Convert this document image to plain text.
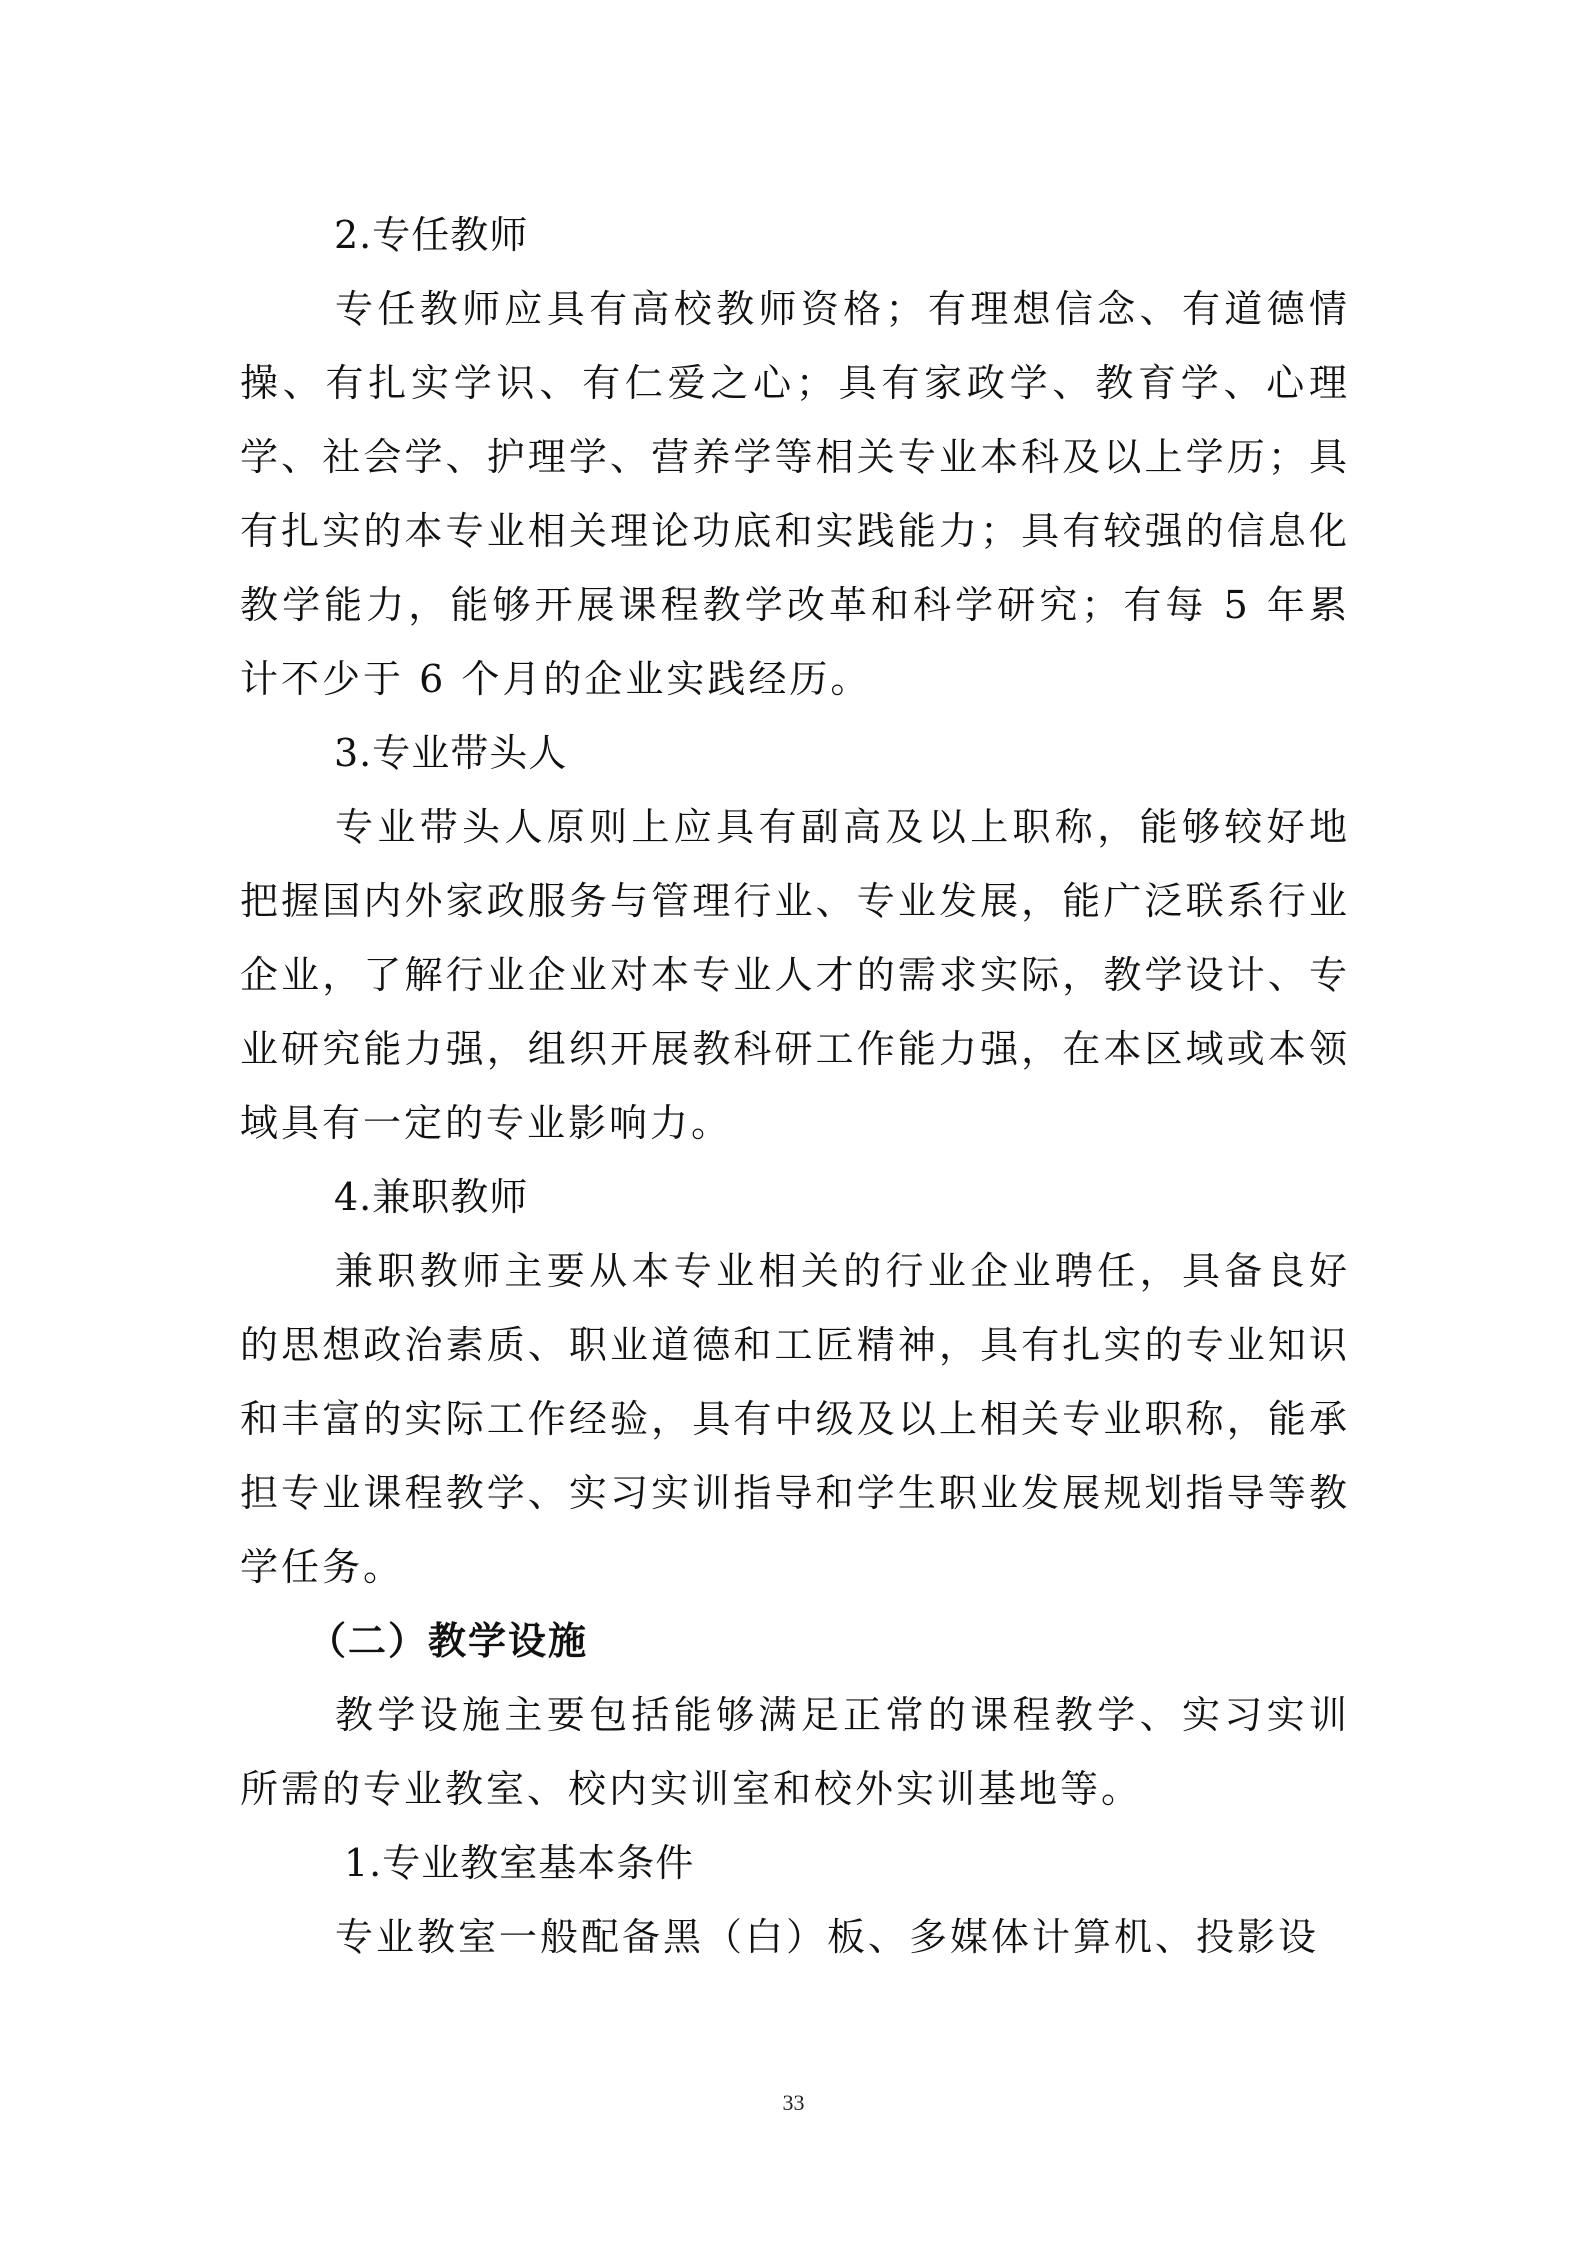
2.专任教师
专任教师应具有高校教师资格；有理想信念、有道德情操、有扎实学识、有仁爱之心；具有家政学、教育学、心理学、社会学、护理学、营养学等相关专业本科及以上学历；具有扎实的本专业相关理论功底和实践能力；具有较强的信息化教学能力，能够开展课程教学改革和科学研究；有每 5 年累计不少于 6 个月的企业实践经历。
3.专业带头人
专业带头人原则上应具有副高及以上职称，能够较好地把握国内外家政服务与管理行业、专业发展，能广泛联系行业企业，了解行业企业对本专业人才的需求实际，教学设计、专业研究能力强，组织开展教科研工作能力强，在本区域或本领域具有一定的专业影响力。
4.兼职教师
兼职教师主要从本专业相关的行业企业聘任，具备良好的思想政治素质、职业道德和工匠精神，具有扎实的专业知识和丰富的实际工作经验，具有中级及以上相关专业职称，能承担专业课程教学、实习实训指导和学生职业发展规划指导等教学任务。
（二）教学设施
教学设施主要包括能够满足正常的课程教学、实习实训所需的专业教室、校内实训室和校外实训基地等。
1.专业教室基本条件
专业教室一般配备黑（白）板、多媒体计算机、投影设
33
